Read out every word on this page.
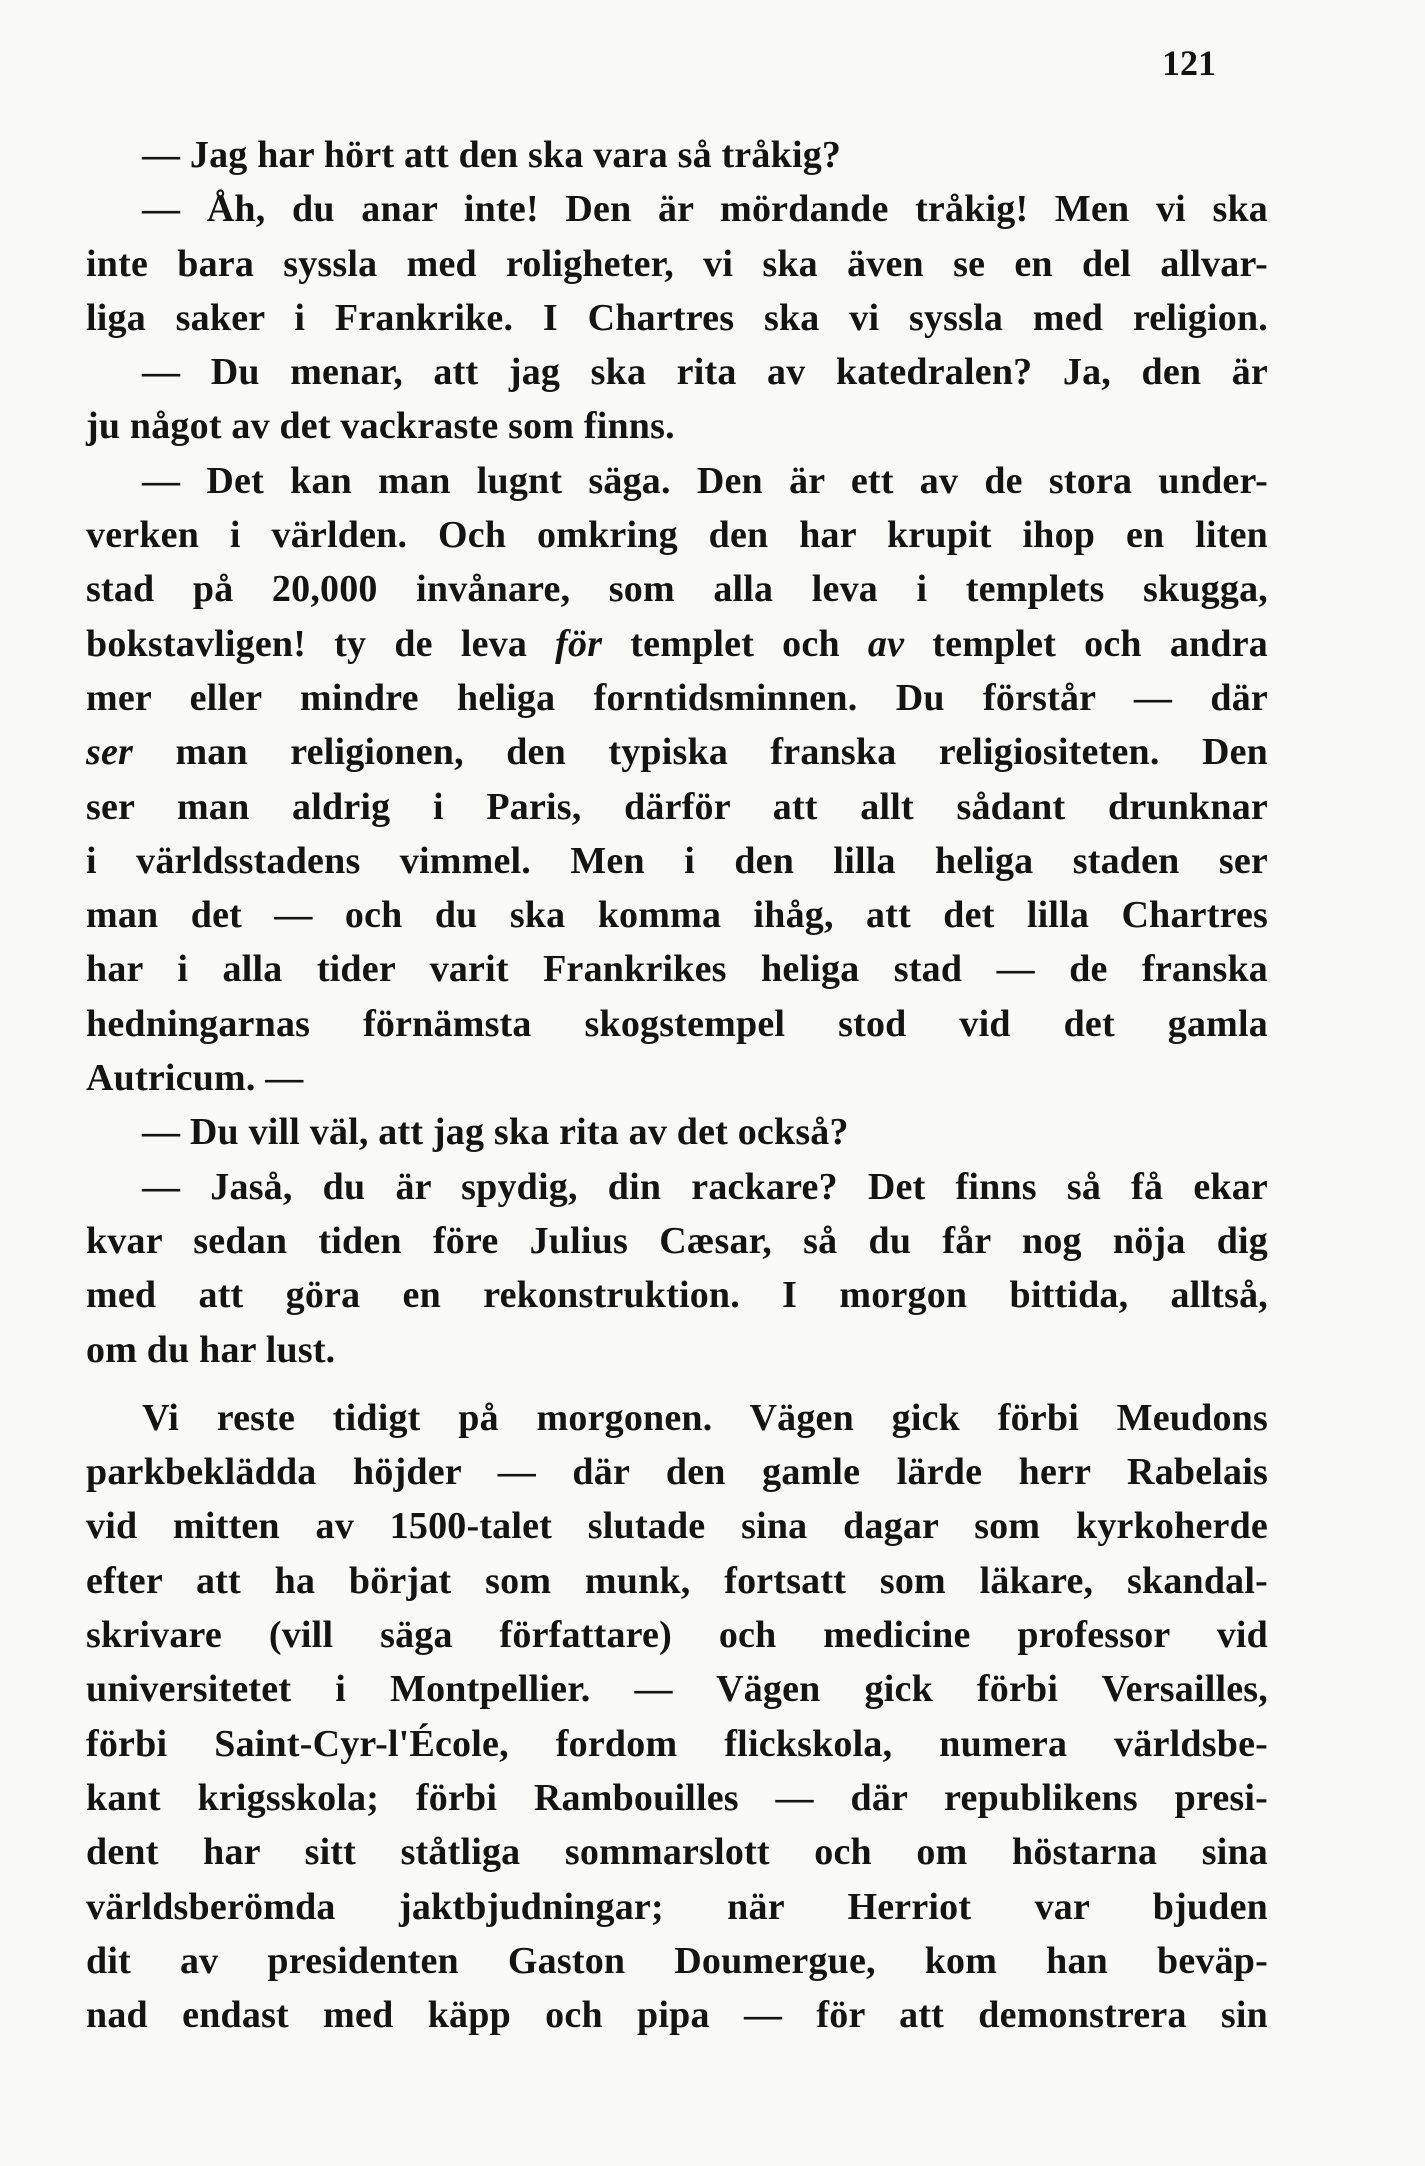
121
— Jag har hört att den ska vara så tråkig?
— Åh, du anar inte! Den är mördande tråkig! Men vi ska
inte bara syssla med roligheter, vi ska även se en del allvar-
liga saker i Frankrike. I Chartres ska vi syssla med religion.
— Du menar, att jag ska rita av katedralen? Ja, den är
ju något av det vackraste som finns.
— Det kan man lugnt säga. Den är ett av de stora under-
verken i världen. Och omkring den har krupit ihop en liten
stad på 20,000 invånare, som alla leva i templets skugga,
bokstavligen! ty de leva för templet och av templet och andra
mer eller mindre heliga forntidsminnen. Du förstår — där
ser man religionen, den typiska franska religiositeten. Den
ser man aldrig i Paris, därför att allt sådant drunknar
i världsstadens vimmel. Men i den lilla heliga staden ser
man det — och du ska komma ihåg, att det lilla Chartres
har i alla tider varit Frankrikes heliga stad — de franska
hedningarnas förnämsta skogstempel stod vid det gamla
Autricum. —
— Du vill väl, att jag ska rita av det också?
— Jaså, du är spydig, din rackare? Det finns så få ekar
kvar sedan tiden före Julius Cæsar, så du får nog nöja dig
med att göra en rekonstruktion. I morgon bittida, alltså,
om du har lust.
Vi reste tidigt på morgonen. Vägen gick förbi Meudons
parkbeklädda höjder — där den gamle lärde herr Rabelais
vid mitten av 1500-talet slutade sina dagar som kyrkoherde
efter att ha börjat som munk, fortsatt som läkare, skandal-
skrivare (vill säga författare) och medicine professor vid
universitetet i Montpellier. — Vägen gick förbi Versailles,
förbi Saint-Cyr-l'École, fordom flickskola, numera världsbe-
kant krigsskola; förbi Rambouilles — där republikens presi-
dent har sitt ståtliga sommarslott och om höstarna sina
världsberömda jaktbjudningar; när Herriot var bjuden
dit av presidenten Gaston Doumergue, kom han beväp-
nad endast med käpp och pipa — för att demonstrera sin
